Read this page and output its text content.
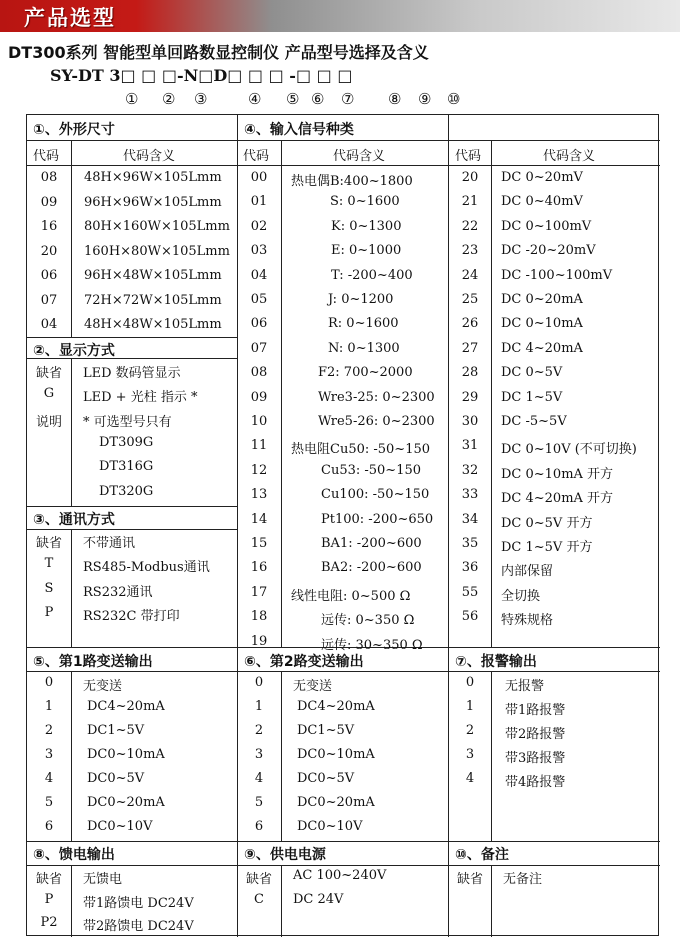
产品选型
DT300系列 智能型单回路数显控制仪 产品型号选择及含义
SY-DT 3□ □ □-N□D□ □ □ -□ □ □
① ② ③	④ ⑤ ⑥ ⑦ ⑧ ⑨ ⑩
①、外形尺寸	④、输入信号种类
代码	代码含义	代码	代码含义	代码	代码含义
08	48H×96W×105Lmm
09	96H×96W×105Lmm
16	80H×160W×105Lmm
20	160H×80W×105Lmm
06	96H×48W×105Lmm
07	72H×72W×105Lmm
04	48H×48W×105Lmm
②、显示方式
缺省	LED 数码管显示
G	LED + 光柱 指示 *
说明	* 可选型号只有
DT309G
DT316G
DT320G
③、通讯方式
缺省	不带通讯
T	RS485-Modbus通讯
S	RS232通讯
P	RS232C 带打印
00	热电偶B:400~1800
01	S: 0~1600
02	K: 0~1300
03	E: 0~1000
04	T: -200~400
05	J: 0~1200
06	R: 0~1600
07	N: 0~1300
08	F2: 700~2000
09	Wre3-25: 0~2300
10	Wre5-26: 0~2300
11	热电阻Cu50: -50~150
12	Cu53: -50~150
13	Cu100: -50~150
14	Pt100: -200~650
15	BA1: -200~600
16	BA2: -200~600
17	线性电阻: 0~500 Ω
18	远传: 0~350 Ω
19	远传: 30~350 Ω
20	DC 0~20mV
21	DC 0~40mV
22	DC 0~100mV
23	DC -20~20mV
24	DC -100~100mV
25	DC 0~20mA
26	DC 0~10mA
27	DC 4~20mA
28	DC 0~5V
29	DC 1~5V
30	DC -5~5V
31	DC 0~10V (不可切换)
32	DC 0~10mA 开方
33	DC 4~20mA 开方
34	DC 0~5V 开方
35	DC 1~5V 开方
36	内部保留
55	全切换
56	特殊规格
⑤、第1路变送输出	⑥、第2路变送输出	⑦、报警输出
0	无变送
1	DC4~20mA
2	DC1~5V
3	DC0~10mA
4	DC0~5V
5	DC0~20mA
6	DC0~10V
0	无变送
1	DC4~20mA
2	DC1~5V
3	DC0~10mA
4	DC0~5V
5	DC0~20mA
6	DC0~10V
0	无报警
1	带1路报警
2	带2路报警
3	带3路报警
4	带4路报警
⑧、馈电输出	⑨、供电电源	⑩、备注
缺省	无馈电
P	带1路馈电 DC24V
P2	带2路馈电 DC24V
缺省	AC 100~240V
C	DC 24V
缺省	无备注
